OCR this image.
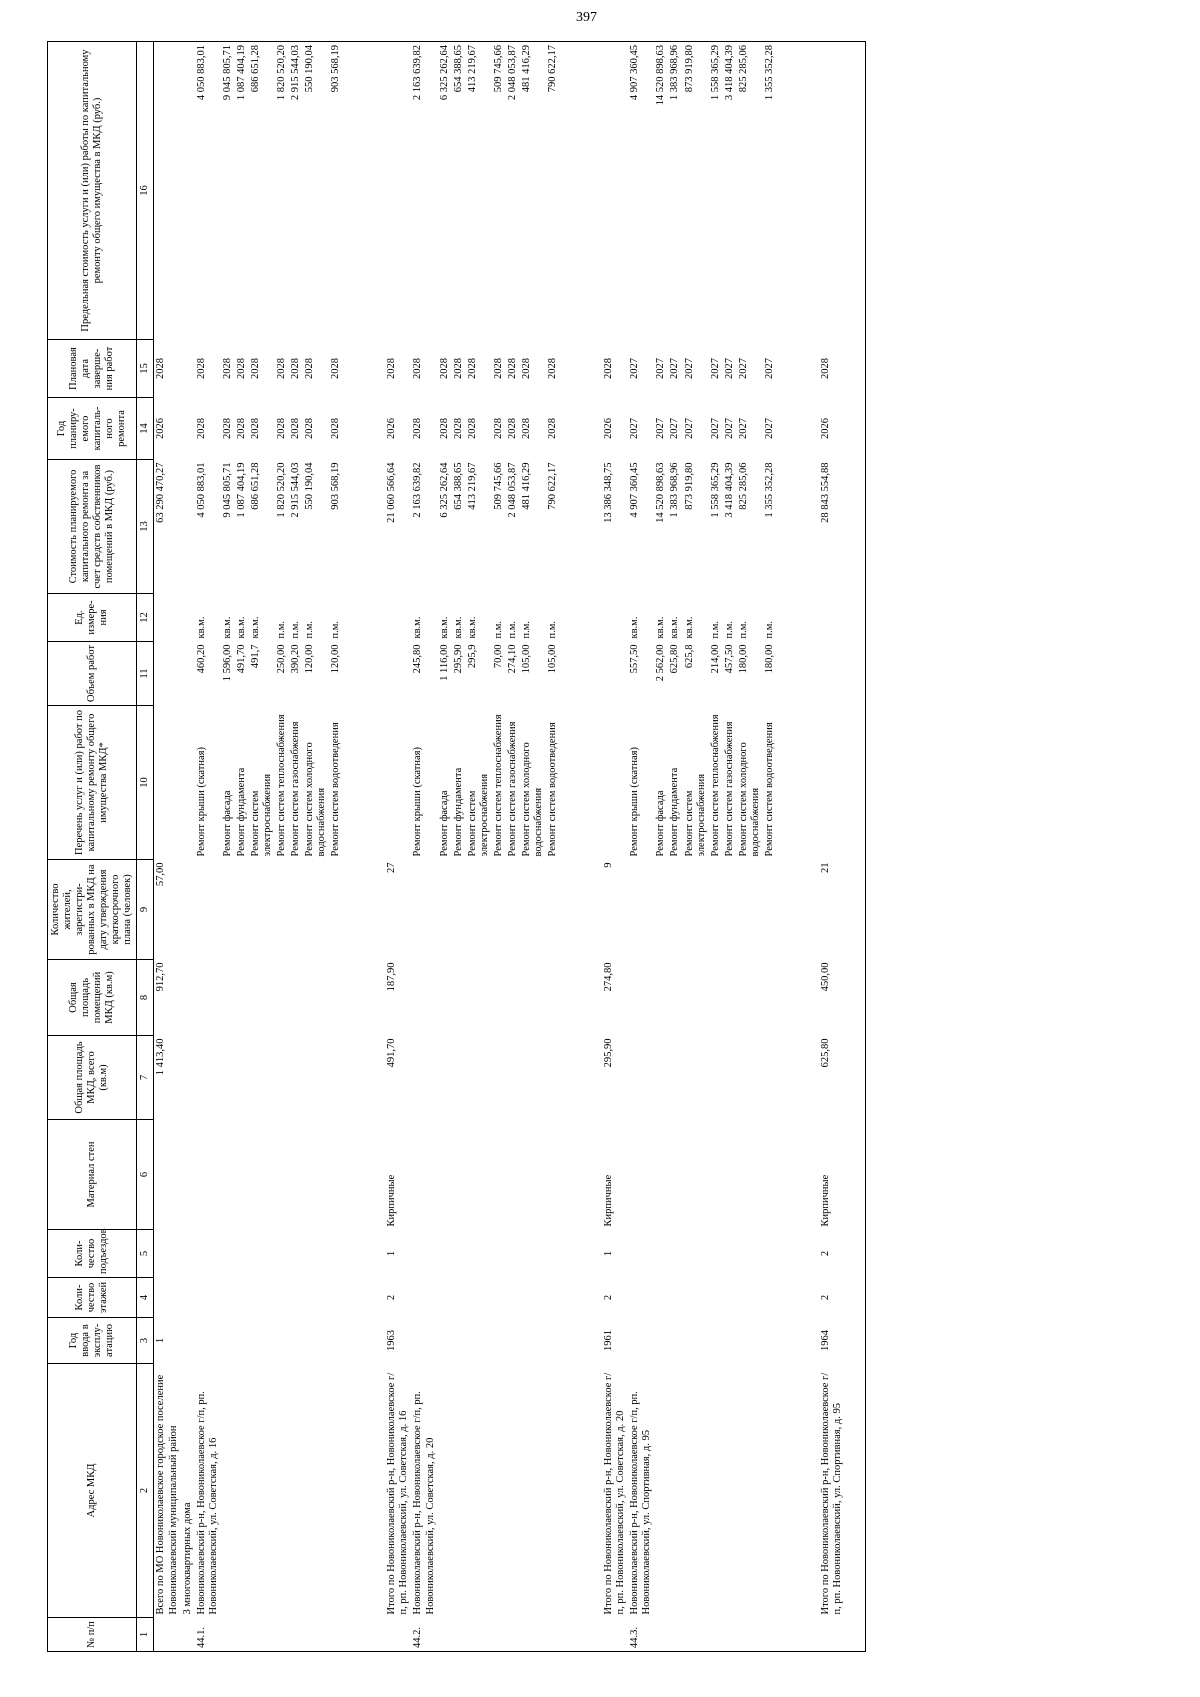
397
№ п/п	Адрес МКД	Год ввода в эксплу-атацию	Коли-чество этажей	Коли-чество подъездов	Материал стен	Общая площадь МКД, всего (кв.м)	Общая площадь помещений МКД (кв.м)	Количество жителей, зарегистри-рованных в МКД на дату утверждения краткосрочного плана (человек)	Перечень услуг и (или) работ по капитальному ремонту общего имущества МКД*	Объем работ	Ед. измере-ния	Стоимость планируемого капитального ремонта за счет средств собственников помещений в МКД (руб.)	Год планиру-емого капиталь-ного ремонта	Плановая дата заверше-ния работ	Предельная стоимость услуги и (или) работы по капитальному ремонту общего имущества в МКД (руб.)
1	2	3	4	5	6	7	8	9	10	11	12	13	14	15	16
	Всего по МО Новониколаевское городское поселение Новониколаевский муниципальный район	1				1 413,40	912,70	57,00				63 290 470,27	2026	2028	
	3 многоквартирных дома														
44.1.	Новониколаевский р-н, Новониколаевское г/п, рп. Новониколаевский, ул. Советская, д. 16								Ремонт крыши (скатная)	460,20	кв.м.	4 050 883,01	2028	2028	4 050 883,01
									Ремонт фасада	1 596,00	кв.м.	9 045 805,71	2028	2028	9 045 805,71
									Ремонт фундамента	491,70	кв.м.	1 087 404,19	2028	2028	1 087 404,19
									Ремонт систем электроснабжения	491,7	кв.м.	686 651,28	2028	2028	686 651,28
									Ремонт систем теплоснабжения	250,00	п.м.	1 820 520,20	2028	2028	1 820 520,20
									Ремонт систем газоснабжения	390,20	п.м.	2 915 544,03	2028	2028	2 915 544,03
									Ремонт систем холодного водоснабжения	120,00	п.м.	550 190,04	2028	2028	550 190,04
									Ремонт систем водоотведения	120,00	п.м.	903 568,19	2028	2028	903 568,19

	Итого по Новониколаевский р-н, Новониколаевское г/п, рп. Новониколаевский, ул. Советская, д. 16	1963	2	1	Кирпичные	491,70	187,90	27				21 060 566,64	2026	2028	
44.2.	Новониколаевский р-н, Новониколаевское г/п, рп. Новониколаевский, ул. Советская, д. 20								Ремонт крыши (скатная)	245,80	кв.м.	2 163 639,82	2028	2028	2 163 639,82
									Ремонт фасада	1 116,00	кв.м.	6 325 262,64	2028	2028	6 325 262,64
									Ремонт фундамента	295,90	кв.м.	654 388,65	2028	2028	654 388,65
									Ремонт систем электроснабжения	295,9	кв.м.	413 219,67	2028	2028	413 219,67
									Ремонт систем теплоснабжения	70,00	п.м.	509 745,66	2028	2028	509 745,66
									Ремонт систем газоснабжения	274,10	п.м.	2 048 053,87	2028	2028	2 048 053,87
									Ремонт систем холодного водоснабжения	105,00	п.м.	481 416,29	2028	2028	481 416,29
									Ремонт систем водоотведения	105,00	п.м.	790 622,17	2028	2028	790 622,17

	Итого по Новониколаевский р-н, Новониколаевское г/п, рп. Новониколаевский, ул. Советская, д. 20	1961	2	1	Кирпичные	295,90	274,80	9				13 386 348,75	2026	2028	
44.3.	Новониколаевский р-н, Новониколаевское г/п, рп. Новониколаевский, ул. Спортивная, д. 95								Ремонт крыши (скатная)	557,50	кв.м.	4 907 360,45	2027	2027	4 907 360,45
									Ремонт фасада	2 562,00	кв.м.	14 520 898,63	2027	2027	14 520 898,63
									Ремонт фундамента	625,80	кв.м.	1 383 968,96	2027	2027	1 383 968,96
									Ремонт систем электроснабжения	625,8	кв.м.	873 919,80	2027	2027	873 919,80
									Ремонт систем теплоснабжения	214,00	п.м.	1 558 365,29	2027	2027	1 558 365,29
									Ремонт систем газоснабжения	457,50	п.м.	3 418 404,39	2027	2027	3 418 404,39
									Ремонт систем холодного водоснабжения	180,00	п.м.	825 285,06	2027	2027	825 285,06
									Ремонт систем водоотведения	180,00	п.м.	1 355 352,28	2027	2027	1 355 352,28

	Итого по Новониколаевский р-н, Новониколаевское г/п, рп. Новониколаевский, ул. Спортивная, д. 95	1964	2	2	Кирпичные	625,80	450,00	21				28 843 554,88	2026	2028	
